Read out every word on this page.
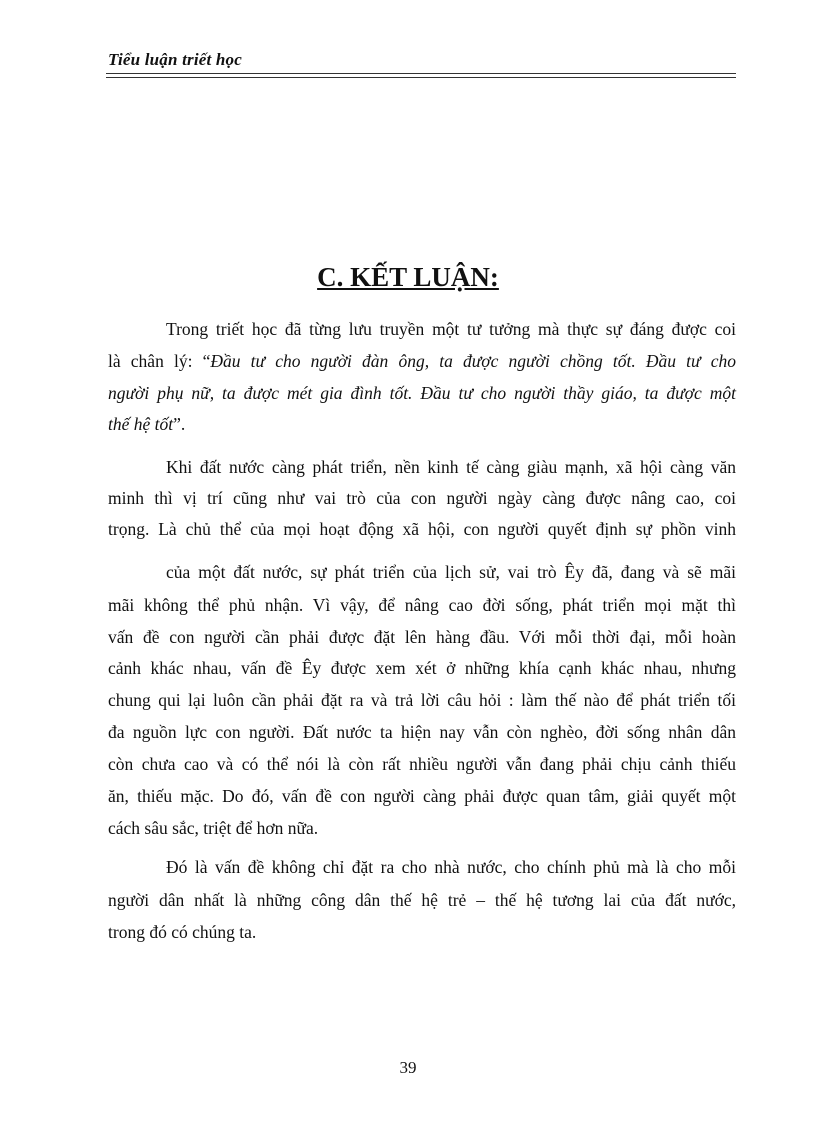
Tiểu luận triết học
C. KẾT LUẬN:
Trong triết học đã từng lưu truyền một tư tưởng mà thực sự đáng được coi
là chân lý: “Đầu tư cho người đàn ông, ta được người chồng tốt. Đầu tư cho
người phụ nữ, ta được mét gia đình tốt. Đầu tư cho người thầy giáo, ta được một
thế hệ tốt”.
Khi đất nước càng phát triển, nền kinh tế càng giàu mạnh, xã hội càng văn
minh thì vị trí cũng như vai trò của con người ngày càng được nâng cao, coi
trọng. Là chủ thể của mọi hoạt động xã hội, con người quyết định sự phồn vinh
của một đất nước, sự phát triển của lịch sử, vai trò Êy đã, đang và sẽ mãi
mãi không thể phủ nhận. Vì vậy, để nâng cao đời sống, phát triển mọi mặt thì
vấn đề con người cần phải được đặt lên hàng đầu. Với mỗi thời đại, mỗi hoàn
cảnh khác nhau, vấn đề Êy được xem xét ở những khía cạnh khác nhau, nhưng
chung qui lại luôn cần phải đặt ra và trả lời câu hỏi : làm thế nào để phát triển tối
đa nguồn lực con người. Đất nước ta hiện nay vẫn còn nghèo, đời sống nhân dân
còn chưa cao và có thể nói là còn rất nhiều người vẫn đang phải chịu cảnh thiếu
ăn, thiếu mặc. Do đó, vấn đề con người càng phải được quan tâm, giải quyết một
cách sâu sắc, triệt để hơn nữa.
Đó là vấn đề không chỉ đặt ra cho nhà nước, cho chính phủ mà là cho mỗi
người dân nhất là những công dân thế hệ trẻ – thế hệ tương lai của đất nước,
trong đó có chúng ta.
39
